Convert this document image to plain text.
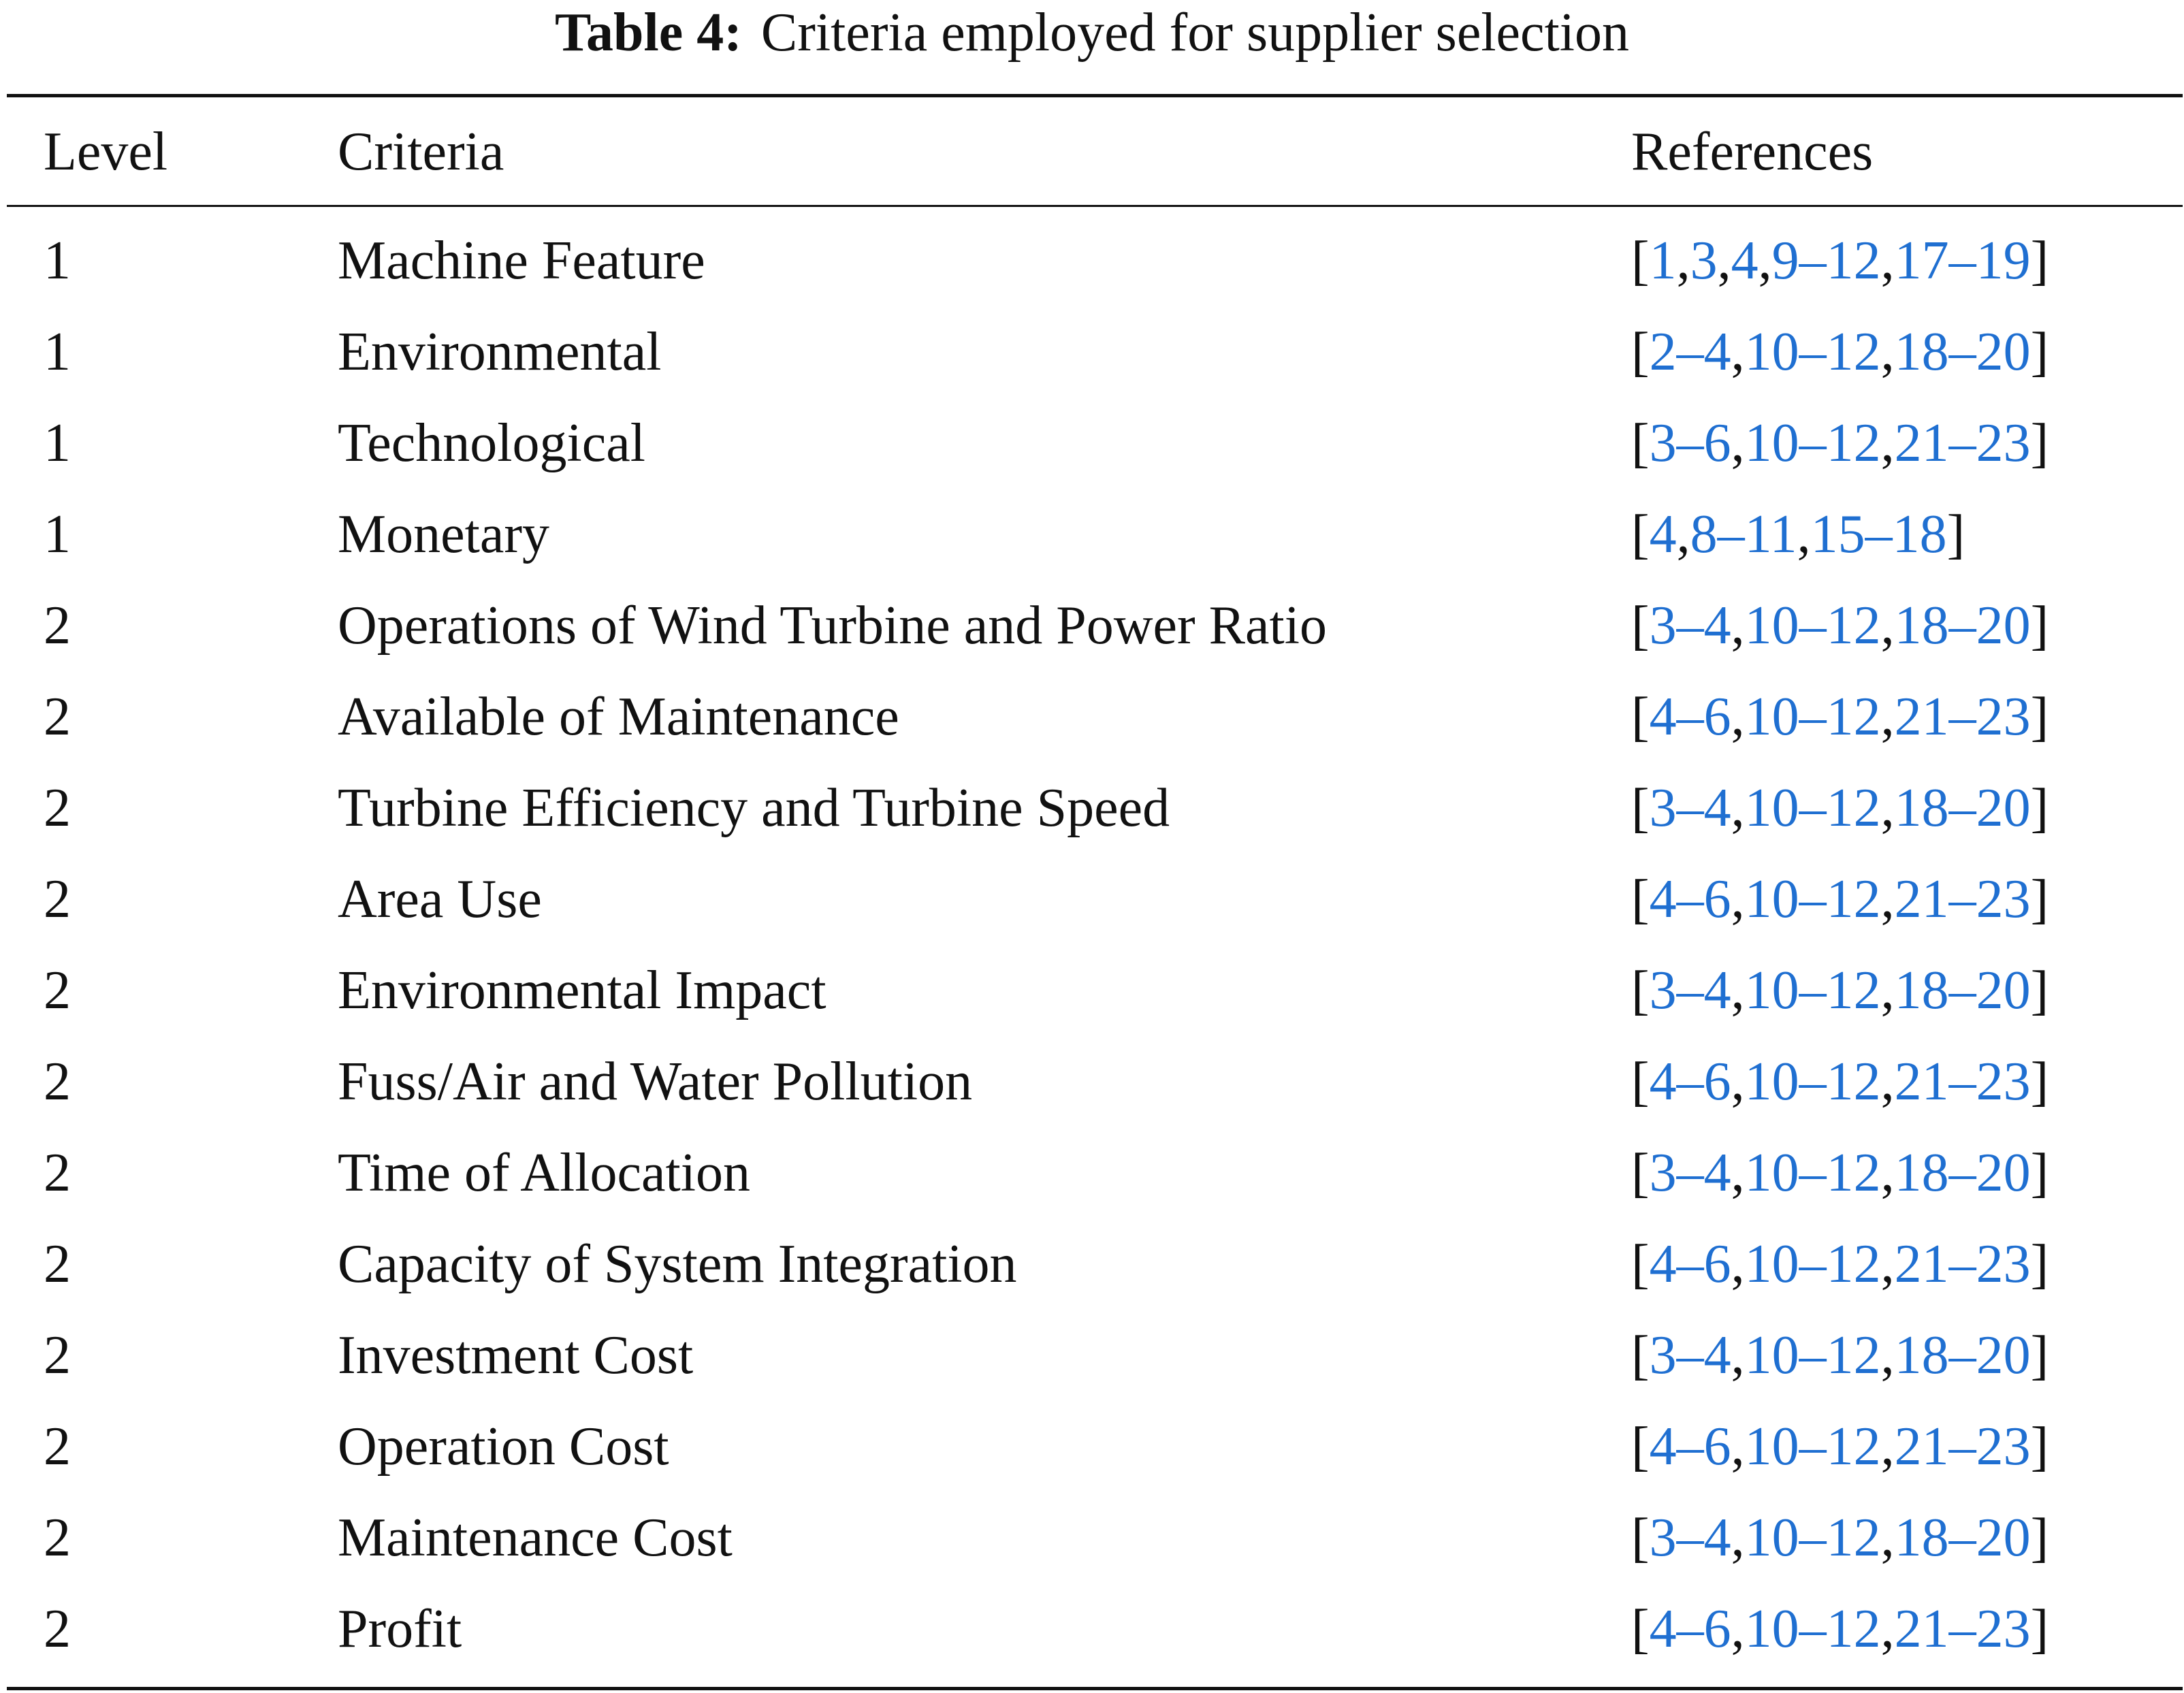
Table 4: Criteria employed for supplier selection
Level	Criteria	References
1	Machine Feature	[1,3,4,9–12,17–19]
1	Environmental	[2–4,10–12,18–20]
1	Technological	[3–6,10–12,21–23]
1	Monetary	[4,8–11,15–18]
2	Operations of Wind Turbine and Power Ratio	[3–4,10–12,18–20]
2	Available of Maintenance	[4–6,10–12,21–23]
2	Turbine Efficiency and Turbine Speed	[3–4,10–12,18–20]
2	Area Use	[4–6,10–12,21–23]
2	Environmental Impact	[3–4,10–12,18–20]
2	Fuss/Air and Water Pollution	[4–6,10–12,21–23]
2	Time of Allocation	[3–4,10–12,18–20]
2	Capacity of System Integration	[4–6,10–12,21–23]
2	Investment Cost	[3–4,10–12,18–20]
2	Operation Cost	[4–6,10–12,21–23]
2	Maintenance Cost	[3–4,10–12,18–20]
2	Profit	[4–6,10–12,21–23]
